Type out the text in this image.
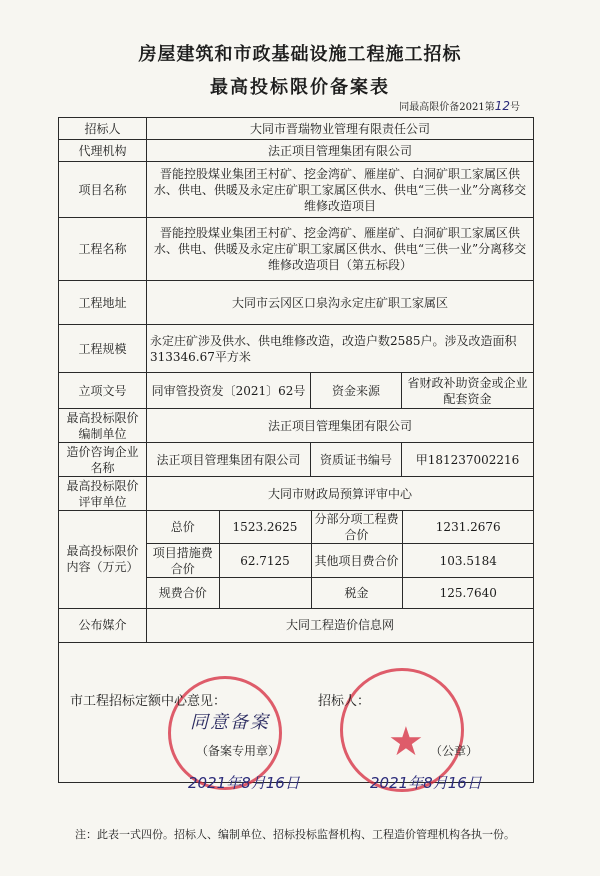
房屋建筑和市政基础设施工程施工招标
最高投标限价备案表
同最高限价备2021第12号
招标人	大同市晋瑞物业管理有限责任公司
代理机构	法正项目管理集团有限公司
项目名称	晋能控股煤业集团王村矿、挖金湾矿、雁崖矿、白洞矿职工家属区供水、供电、供暖及永定庄矿职工家属区供水、供电“三供一业”分离移交维修改造项目
工程名称	晋能控股煤业集团王村矿、挖金湾矿、雁崖矿、白洞矿职工家属区供水、供电、供暖及永定庄矿职工家属区供水、供电“三供一业”分离移交维修改造项目（第五标段）
工程地址	大同市云冈区口泉沟永定庄矿职工家属区
工程规模	永定庄矿涉及供水、供电维修改造，改造户数2585户。涉及改造面积313346.67平方米
立项文号	同审管投资发〔2021〕62号	资金来源	省财政补助资金或企业配套资金
最高投标限价编制单位	法正项目管理集团有限公司
造价咨询企业名称	法正项目管理集团有限公司	资质证书编号	甲181237002216
最高投标限价评审单位	大同市财政局预算评审中心
最高投标限价内容（万元）	
总价	1523.2625	分部分项工程费合价	1231.2676
项目措施费合价	62.7125	其他项目费合价	103.5184
规费合价		税金	125.7640

公布媒介	大同工程造价信息网

★
市工程招标定额中心意见：
同意备案
（备案专用章）
2021年8月16日
招标人：
（公章）
2021年8月16日
注：此表一式四份。招标人、编制单位、招标投标监督机构、工程造价管理机构各执一份。
